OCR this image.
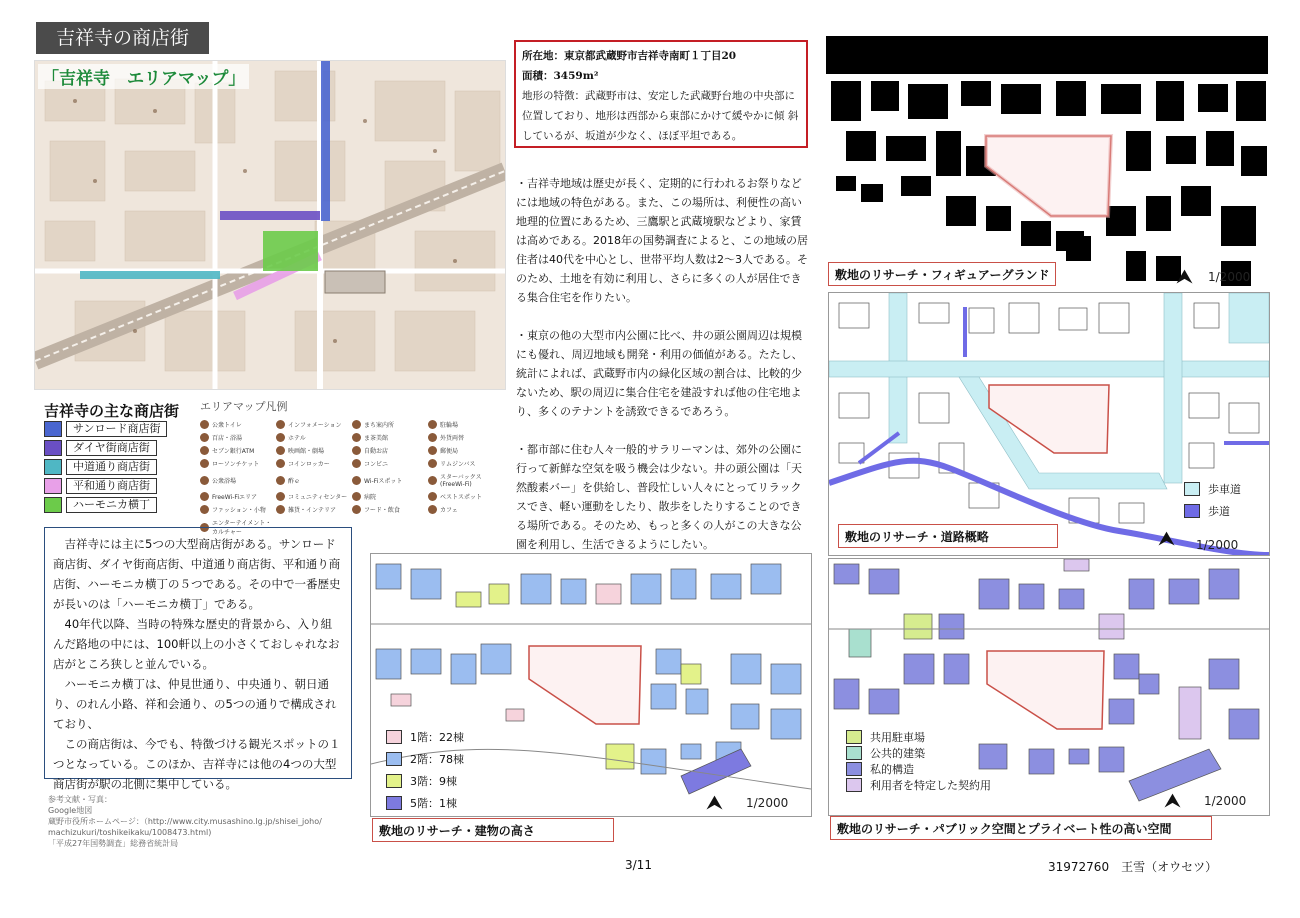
吉祥寺の商店街
「吉祥寺　エリアマップ」
吉祥寺の主な商店街
サンロード商店街
ダイヤ街商店街
中道通り商店街
平和通り商店街
ハーモニカ横丁
エリアマップ凡例
公衆トイレ	インフォメーション	まち案内所	駐輪場
百店・浴湯	ホテル	ま茶美館	外貨両替
セブン銀行ATM	映画館・劇場	自動お店	郵便局
ローソンチケット	コインロッカー	コンビニ	リムジンバス
公衆浴場	酢ｅ	Wi-Fiスポット	スターバックス(FreeWi-Fi)
FreeWi-Fiエリア	コミュニティセンター	病院	ベストスポット
ファッション・小物	雑貨・インテリア	フード・飲食	カフェ
エンターテイメント・カルチャー

吉祥寺には主に5つの大型商店街がある。サンロード商店街、ダイヤ街商店街、中道通り商店街、平和通り商店街、ハーモニカ横丁の５つである。その中で一番歴史が長いのは「ハーモニカ横丁」である。

40年代以降、当時の特殊な歴史的背景から、入り組んだ路地の中には、100軒以上の小さくておしゃれなお店がところ狭しと並んでいる。

ハーモニカ横丁は、仲見世通り、中央通り、朝日通り、のれん小路、祥和会通り、の5つの通りで構成されており、

この商店街は、今でも、特徴づける観光スポットの１つとなっている。このほか、吉祥寺には他の4つの大型商店街が駅の北側に集中している。

参考文献・写真：
Google地図
蔵野市役所ホームページ：（http://www.city.musashino.lg.jp/shisei_joho/
machizukuri/toshikeikaku/1008473.html)
「平成27年国勢調査」総務省統計局
所在地：東京都武蔵野市吉祥寺南町１丁目20
面積：3459m²
地形の特徴：武蔵野市は、安定した武蔵野台地の中央部に位置しており、地形は西部から東部にかけて緩やかに傾 斜しているが、坂道が少なく、ほぼ平坦である。

・吉祥寺地域は歴史が長く、定期的に行われるお祭りなどには地域の特色がある。また、この場所は、利便性の高い地理的位置にあるため、三鷹駅と武蔵境駅などより、家賃は高めである。2018年の国勢調査によると、この地域の居住者は40代を中心とし、世帯平均人数は2〜3人である。そのため、土地を有効に利用し、さらに多くの人が居住できる集合住宅を作りたい。

・東京の他の大型市内公園に比べ、井の頭公園周辺は規模にも優れ、周辺地域も開発・利用の価値がある。たたし、統計によれば、武蔵野市内の緑化区域の割合は、比較的少ないため、駅の周辺に集合住宅を建設すれば他の住宅地より、多くのテナントを誘致できるであろう。

・都市部に住む人々一般的サラリーマンは、郊外の公園に行って新鮮な空気を吸う機会は少ない。井の頭公園は「天然酸素バー」を供給し、普段忙しい人々にとってリラックスでき、軽い運動をしたり、散歩をしたりすることのできる場所である。そのため、もっと多くの人がこの大きな公園を利用し、生活できるようにしたい。

敷地のリサーチ・フィギュアーグランド	⮝ 1/2000
歩車道
歩道
敷地のリサーチ・道路概略	⮝ 1/2000
1階：22棟
2階：78棟
3階：9棟
5階：1棟
敷地のリサーチ・建物の高さ
⮝ 1/2000
共用駐車場
公共的建築
私的構造
利用者を特定した契約用
敷地のリサーチ・パブリック空間とプライベート性の高い空間
⮝ 1/2000
3/11	31972760　王雪（オウセツ）
